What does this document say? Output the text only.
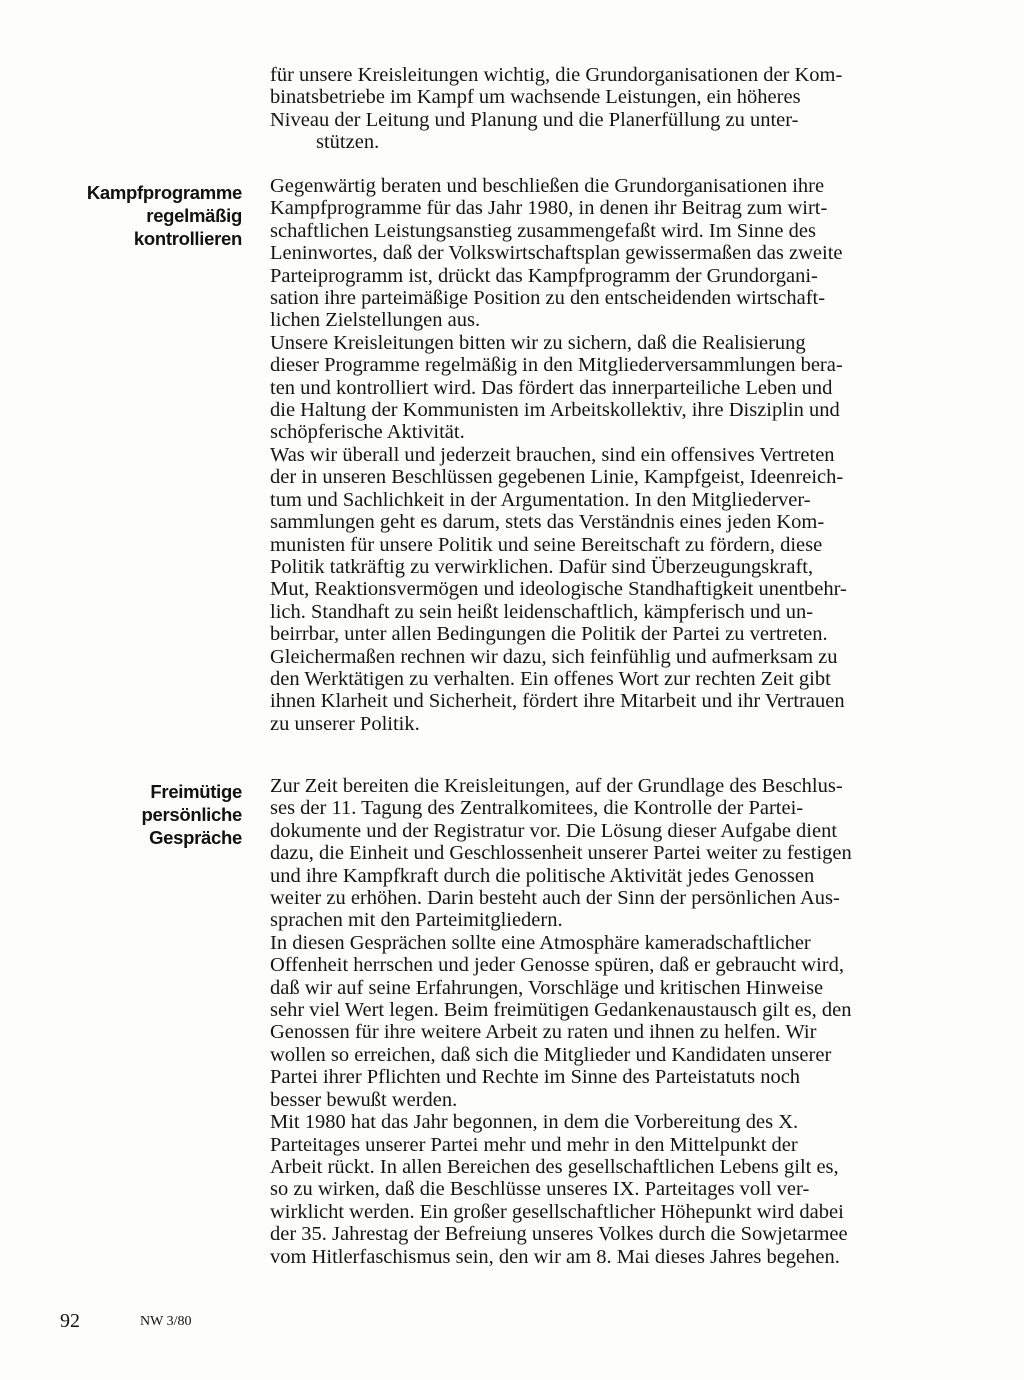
für unsere Kreisleitungen wichtig, die Grundorganisationen der Kom-
binatsbetriebe im Kampf um wachsende Leistungen, ein höheres
Niveau der Leitung und Planung und die Planerfüllung zu unter-
stützen.

Kampfprogramme
regelmäßig
kontrollieren

Gegenwärtig beraten und beschließen die Grundorganisationen ihre
Kampfprogramme für das Jahr 1980, in denen ihr Beitrag zum wirt-
schaftlichen Leistungsanstieg zusammengefaßt wird. Im Sinne des
Leninwortes, daß der Volkswirtschaftsplan gewissermaßen das zweite
Parteiprogramm ist, drückt das Kampfprogramm der Grundorgani-
sation ihre parteimäßige Position zu den entscheidenden wirtschaft-
lichen Zielstellungen aus.

Unsere Kreisleitungen bitten wir zu sichern, daß die Realisierung
dieser Programme regelmäßig in den Mitgliederversammlungen bera-
ten und kontrolliert wird. Das fördert das innerparteiliche Leben und
die Haltung der Kommunisten im Arbeitskollektiv, ihre Disziplin und
schöpferische Aktivität.

Was wir überall und jederzeit brauchen, sind ein offensives Vertreten
der in unseren Beschlüssen gegebenen Linie, Kampfgeist, Ideenreich-
tum und Sachlichkeit in der Argumentation. In den Mitgliederver-
sammlungen geht es darum, stets das Verständnis eines jeden Kom-
munisten für unsere Politik und seine Bereitschaft zu fördern, diese
Politik tatkräftig zu verwirklichen. Dafür sind Überzeugungskraft,
Mut, Reaktionsvermögen und ideologische Standhaftigkeit unentbehr-
lich. Standhaft zu sein heißt leidenschaftlich, kämpferisch und un-
beirrbar, unter allen Bedingungen die Politik der Partei zu vertreten.
Gleichermaßen rechnen wir dazu, sich feinfühlig und aufmerksam zu
den Werktätigen zu verhalten. Ein offenes Wort zur rechten Zeit gibt
ihnen Klarheit und Sicherheit, fördert ihre Mitarbeit und ihr Vertrauen
zu unserer Politik.

Freimütige
persönliche
Gespräche

Zur Zeit bereiten die Kreisleitungen, auf der Grundlage des Beschlus-
ses der 11. Tagung des Zentralkomitees, die Kontrolle der Partei-
dokumente und der Registratur vor. Die Lösung dieser Aufgabe dient
dazu, die Einheit und Geschlossenheit unserer Partei weiter zu festigen
und ihre Kampfkraft durch die politische Aktivität jedes Genossen
weiter zu erhöhen. Darin besteht auch der Sinn der persönlichen Aus-
sprachen mit den Parteimitgliedern.

In diesen Gesprächen sollte eine Atmosphäre kameradschaftlicher
Offenheit herrschen und jeder Genosse spüren, daß er gebraucht wird,
daß wir auf seine Erfahrungen, Vorschläge und kritischen Hinweise
sehr viel Wert legen. Beim freimütigen Gedankenaustausch gilt es, den
Genossen für ihre weitere Arbeit zu raten und ihnen zu helfen. Wir
wollen so erreichen, daß sich die Mitglieder und Kandidaten unserer
Partei ihrer Pflichten und Rechte im Sinne des Parteistatuts noch
besser bewußt werden.

Mit 1980 hat das Jahr begonnen, in dem die Vorbereitung des X.
Parteitages unserer Partei mehr und mehr in den Mittelpunkt der
Arbeit rückt. In allen Bereichen des gesellschaftlichen Lebens gilt es,
so zu wirken, daß die Beschlüsse unseres IX. Parteitages voll ver-
wirklicht werden. Ein großer gesellschaftlicher Höhepunkt wird dabei
der 35. Jahrestag der Befreiung unseres Volkes durch die Sowjetarmee
vom Hitlerfaschismus sein, den wir am 8. Mai dieses Jahres begehen.

92	NW 3/80
